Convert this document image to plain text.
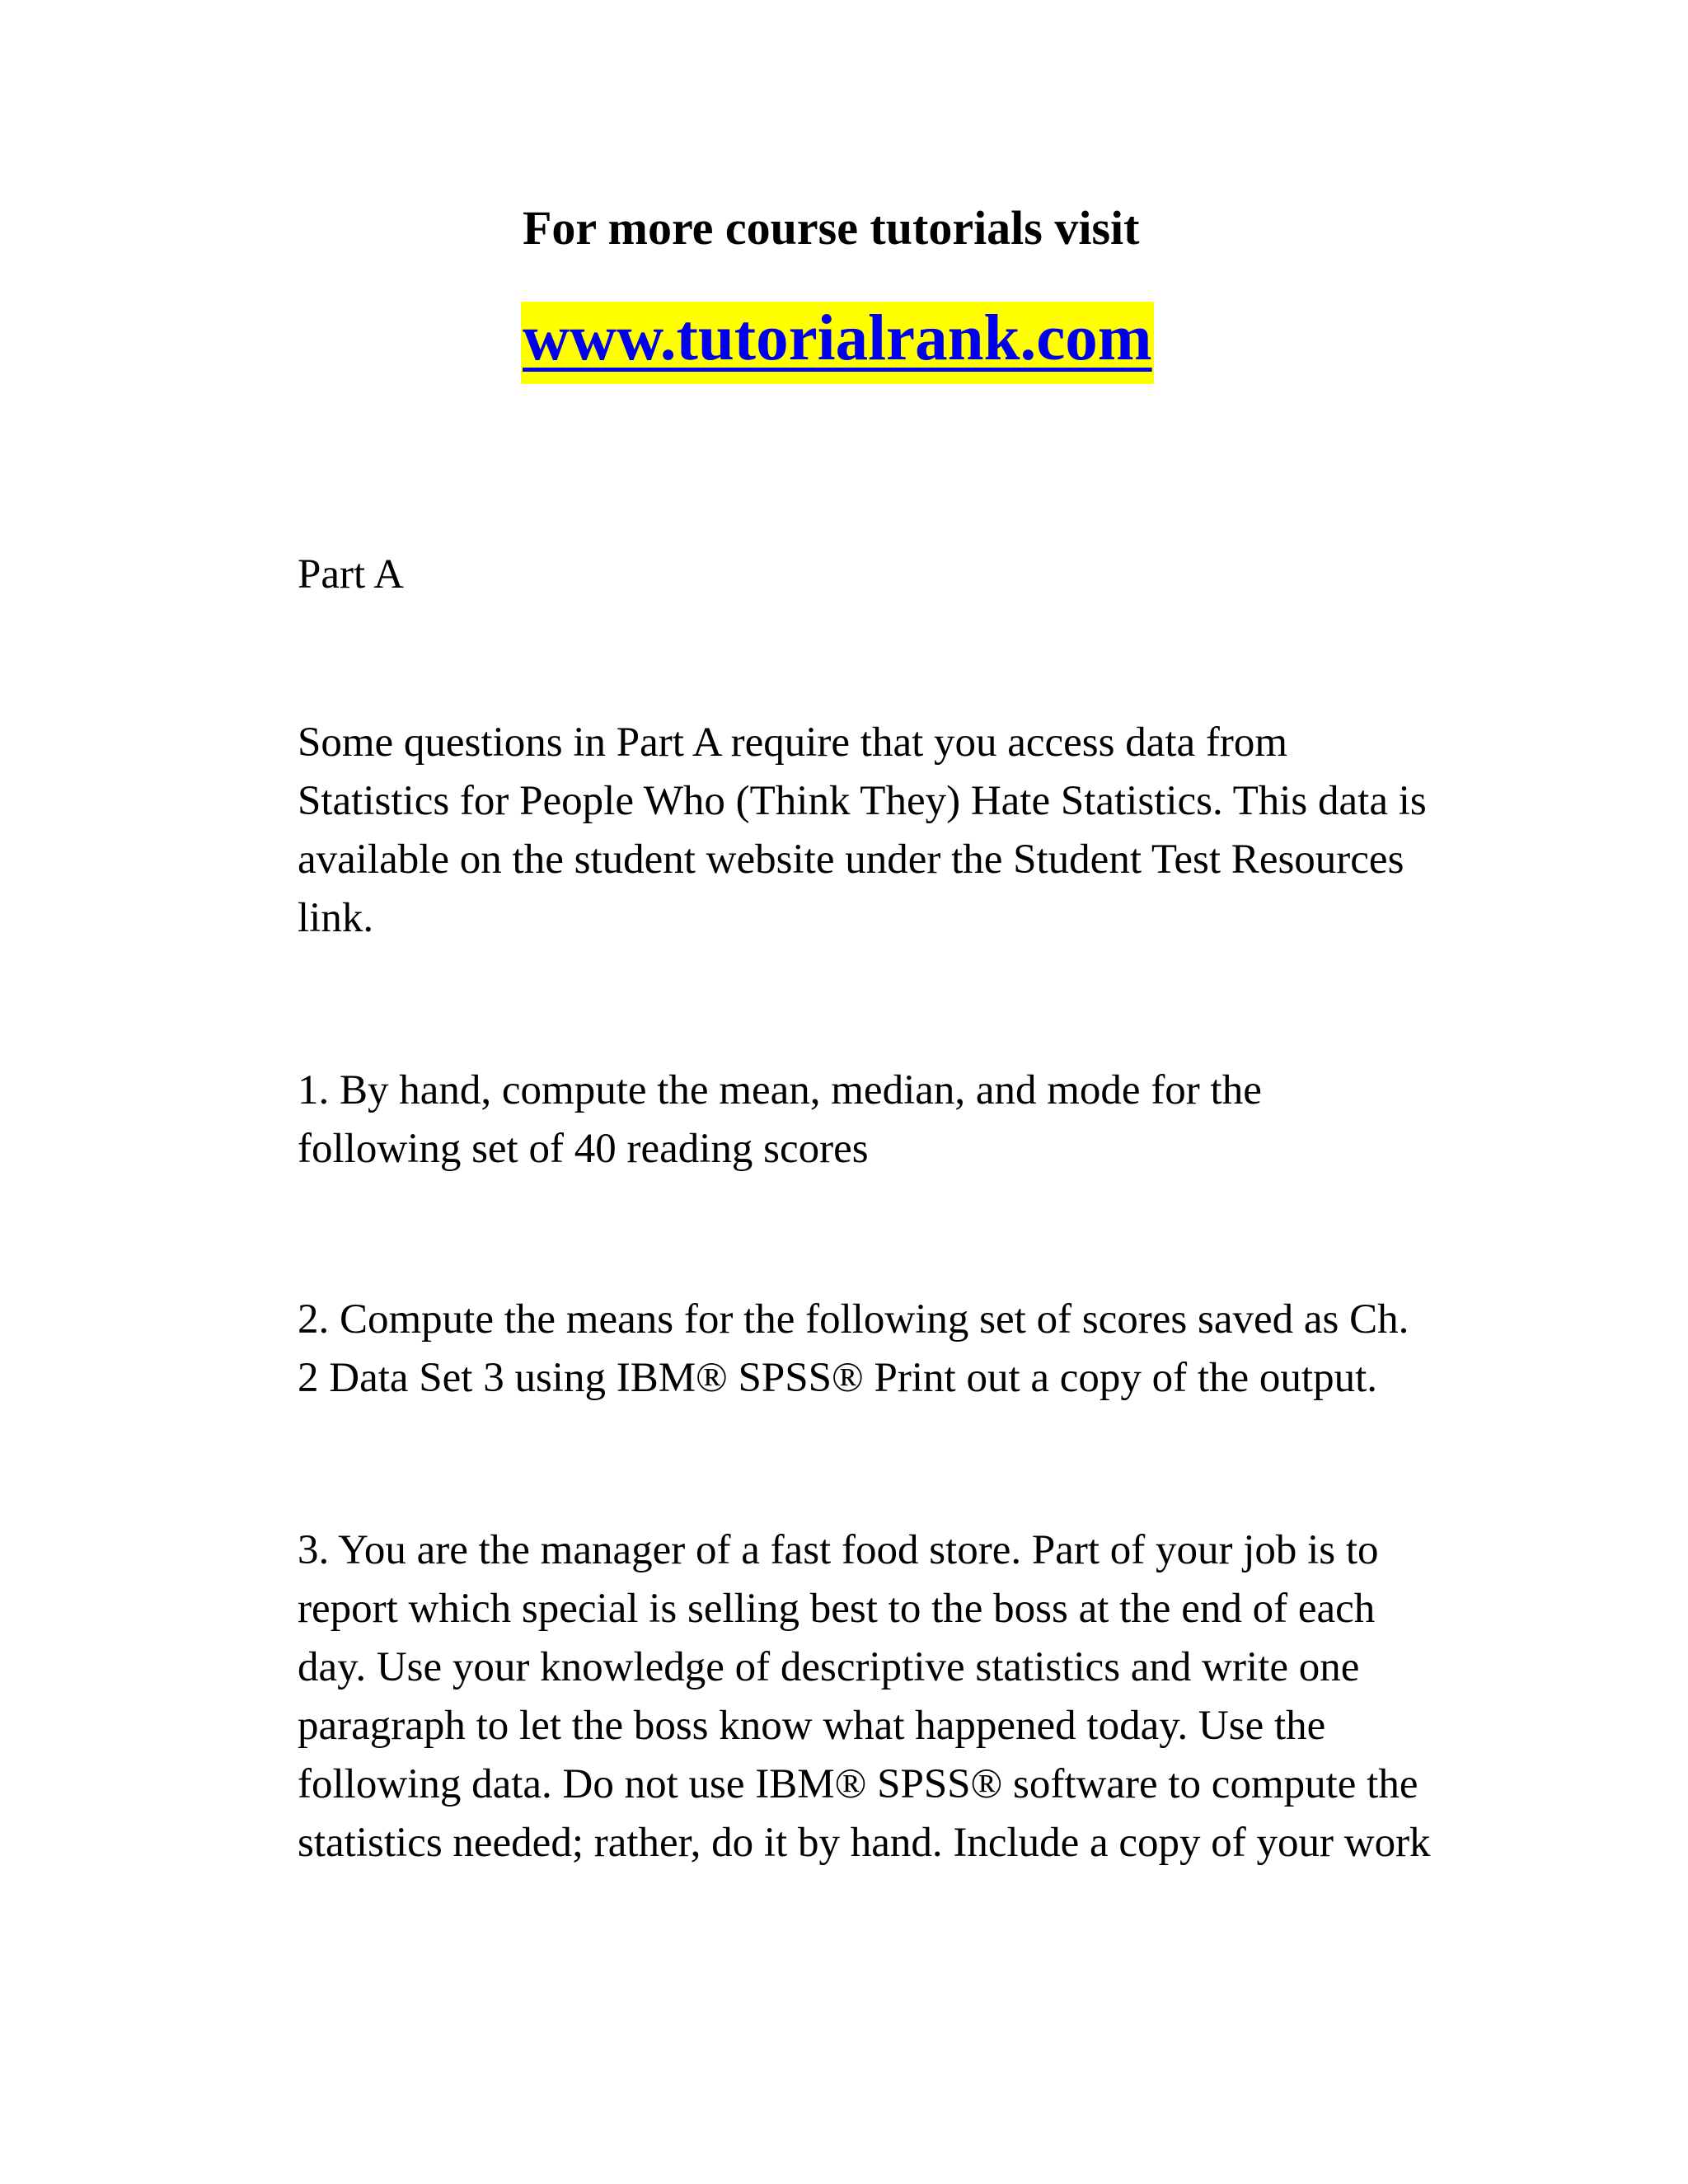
For more course tutorials visit
www.tutorialrank.com

Part A

Some questions in Part A require that you access data from
Statistics for People Who (Think They) Hate Statistics. This data is
available on the student website under the Student Test Resources
link.

1. By hand, compute the mean, median, and mode for the
following set of 40 reading scores

2. Compute the means for the following set of scores saved as Ch.
2 Data Set 3 using IBM® SPSS® Print out a copy of the output.

3. You are the manager of a fast food store. Part of your job is to
report which special is selling best to the boss at the end of each
day. Use your knowledge of descriptive statistics and write one
paragraph to let the boss know what happened today. Use the
following data. Do not use IBM® SPSS® software to compute the
statistics needed; rather, do it by hand. Include a copy of your work
